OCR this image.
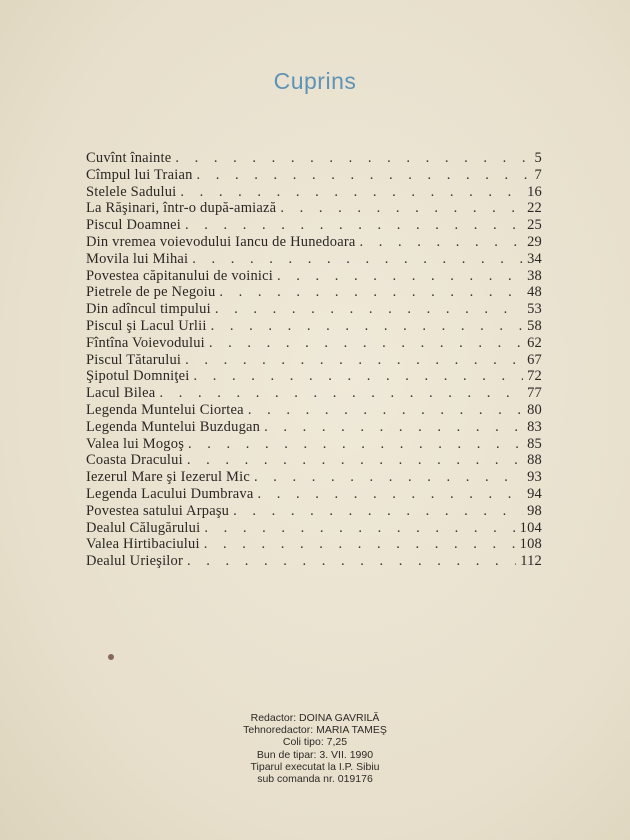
Cuprins
Cuvînt înainte . . .	5
Cîmpul lui Traian . . .	7
Stelele Sadului . . .	16
La Răşinari, într-o după-amiază . . .	22
Piscul Doamnei . . .	25
Din vremea voievodului Iancu de Hunedoara . . .	29
Movila lui Mihai . . .	34
Povestea căpitanului de voinici . . .	38
Pietrele de pe Negoiu . . .	48
Din adîncul timpului . . .	53
Piscul şi Lacul Urlii . . .	58
Fîntîna Voievodului . . .	62
Piscul Tătarului . . .	67
Şipotul Domniţei . . .	72
Lacul Bilea . . .	77
Legenda Muntelui Ciortea . . .	80
Legenda Muntelui Buzdugan . . .	83
Valea lui Mogoş . . .	85
Coasta Dracului . . .	88
Iezerul Mare şi Iezerul Mic . . .	93
Legenda Lacului Dumbrava . . .	94
Povestea satului Arpaşu . . .	98
Dealul Călugărului . . .	104
Valea Hirtibaciului . . .	108
Dealul Urieşilor . . .	112
Redactor: DOINA GAVRILĂ
Tehnoredactor: MARIA TAMEŞ
Coli tipo: 7,25
Bun de tipar: 3. VII. 1990
Tiparul executat la I.P. Sibiu
sub comanda nr. 019176
